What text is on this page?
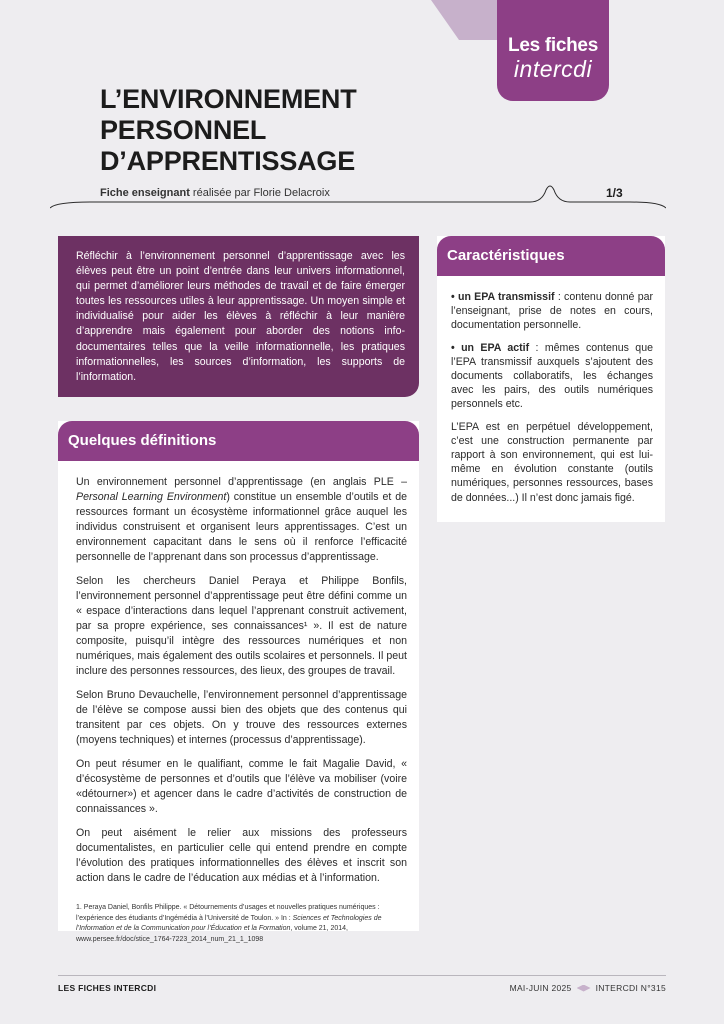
Les fiches
intercdi
L’ENVIRONNEMENT
PERSONNEL
D’APPRENTISSAGE
Fiche enseignant réalisée par Florie Delacroix	1/3
Réfléchir à l’environnement personnel d’apprentissage avec les élèves peut être un point d’entrée dans leur univers informationnel, qui permet d’améliorer leurs méthodes de travail et de faire émerger toutes les ressources utiles à leur apprentissage. Un moyen simple et individualisé pour aider les élèves à réfléchir à leur manière d’apprendre mais également pour aborder des notions info-documentaires telles que la veille informationnelle, les pratiques informationnelles, les sources d’information, les supports de l’information.
Quelques définitions

Un environnement personnel d’apprentissage (en anglais PLE – Personal Learning Environment) constitue un ensemble d’outils et de ressources formant un écosystème informationnel grâce auquel les individus construisent et organisent leurs apprentissages. C’est un environnement capacitant dans le sens où il renforce l’efficacité personnelle de l’apprenant dans son processus d’apprentissage.

Selon les chercheurs Daniel Peraya et Philippe Bonfils, l’environnement personnel d’apprentissage peut être défini comme un « espace d’interactions dans lequel l’apprenant construit activement, par sa propre expérience, ses connaissances¹ ». Il est de nature composite, puisqu’il intègre des ressources numériques et non numériques, mais également des outils scolaires et personnels. Il peut inclure des personnes ressources, des lieux, des groupes de travail.

Selon Bruno Devauchelle, l’environnement personnel d’apprentissage de l’élève se compose aussi bien des objets que des contenus qui transitent par ces objets. On y trouve des ressources externes (moyens techniques) et internes (processus d’apprentissage).

On peut résumer en le qualifiant, comme le fait Magalie David, « d’écosystème de personnes et d’outils que l’élève va mobiliser (voire «détourner») et agencer dans le cadre d’activités de construction de connaissances ».

On peut aisément le relier aux missions des professeurs documentalistes, en particulier celle qui entend prendre en compte l’évolution des pratiques informationnelles des élèves et inscrit son action dans le cadre de l’éducation aux médias et à l’information.

1. Peraya Daniel, Bonfils Philippe. « Détournements d’usages et nouvelles pratiques numériques : l’expérience des étudiants d’Ingémédia à l’Université de Toulon. » In : Sciences et Technologies de l’Information et de la Communication pour l’Éducation et la Formation, volume 21, 2014, www.persee.fr/doc/stice_1764-7223_2014_num_21_1_1098
Caractéristiques

• un EPA transmissif : contenu donné par l’enseignant, prise de notes en cours, documentation personnelle.

• un EPA actif : mêmes contenus que l’EPA transmissif auxquels s’ajoutent des documents collaboratifs, les échanges avec les pairs, des outils numériques personnels etc.

L’EPA est en perpétuel développement, c’est une construction permanente par rapport à son environnement, qui est lui-même en évolution constante (outils numériques, personnes ressources, bases de données...) Il n’est donc jamais figé.

LES FICHES INTERCDI	MAI-JUIN 2025	INTERCDI N°315
